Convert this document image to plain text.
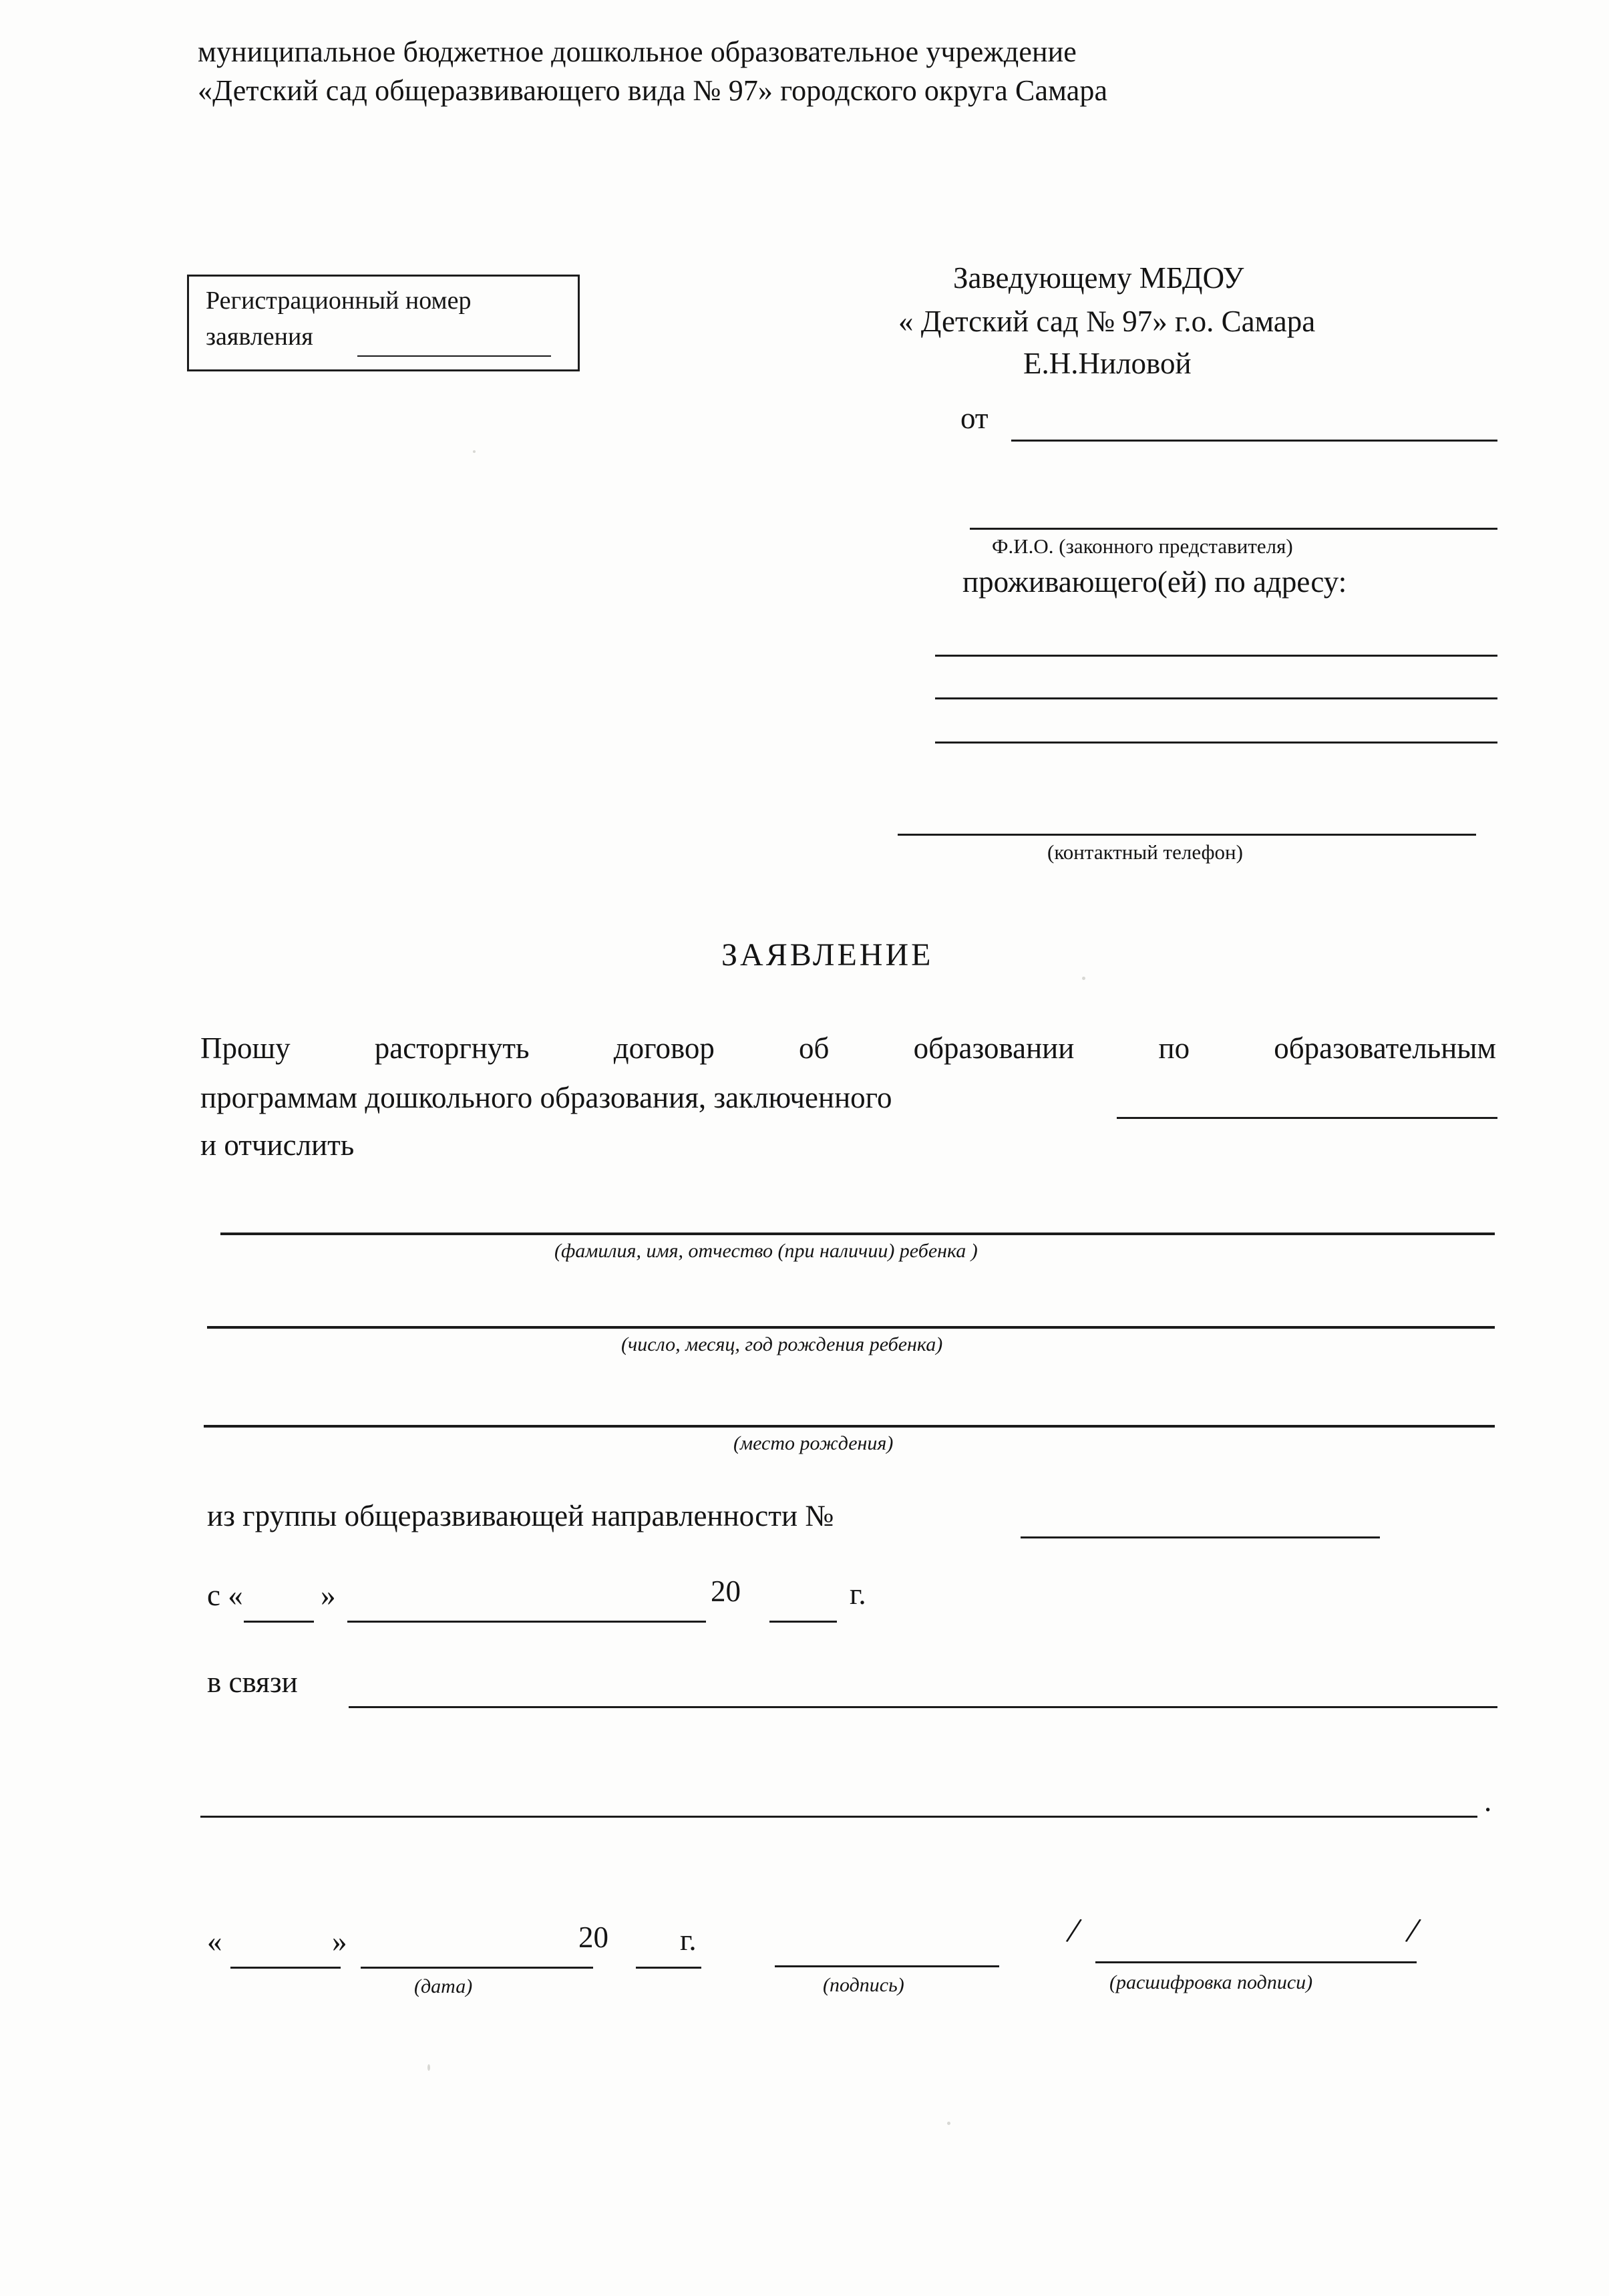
муниципальное бюджетное дошкольное образовательное учреждение
«Детский сад общеразвивающего вида № 97» городского округа Самара
Регистрационный номер
заявления
Заведующему МБДОУ
« Детский сад № 97» г.о. Самара
Е.Н.Ниловой
от
Ф.И.О. (законного представителя)
проживающего(ей) по адресу:
(контактный телефон)
ЗАЯВЛЕНИЕ
Прошу расторгнуть договор об образовании по образовательным
программам дошкольного образования, заключенного
и отчислить
(фамилия, имя, отчество (при наличии) ребенка )
(число, месяц, год рождения ребенка)
(место рождения)
из группы общеразвивающей направленности №
с «	»	20	г.
в связи
.
«	»
(дата)
20 г.
(подпись)
/	/
(расшифровка подписи)
